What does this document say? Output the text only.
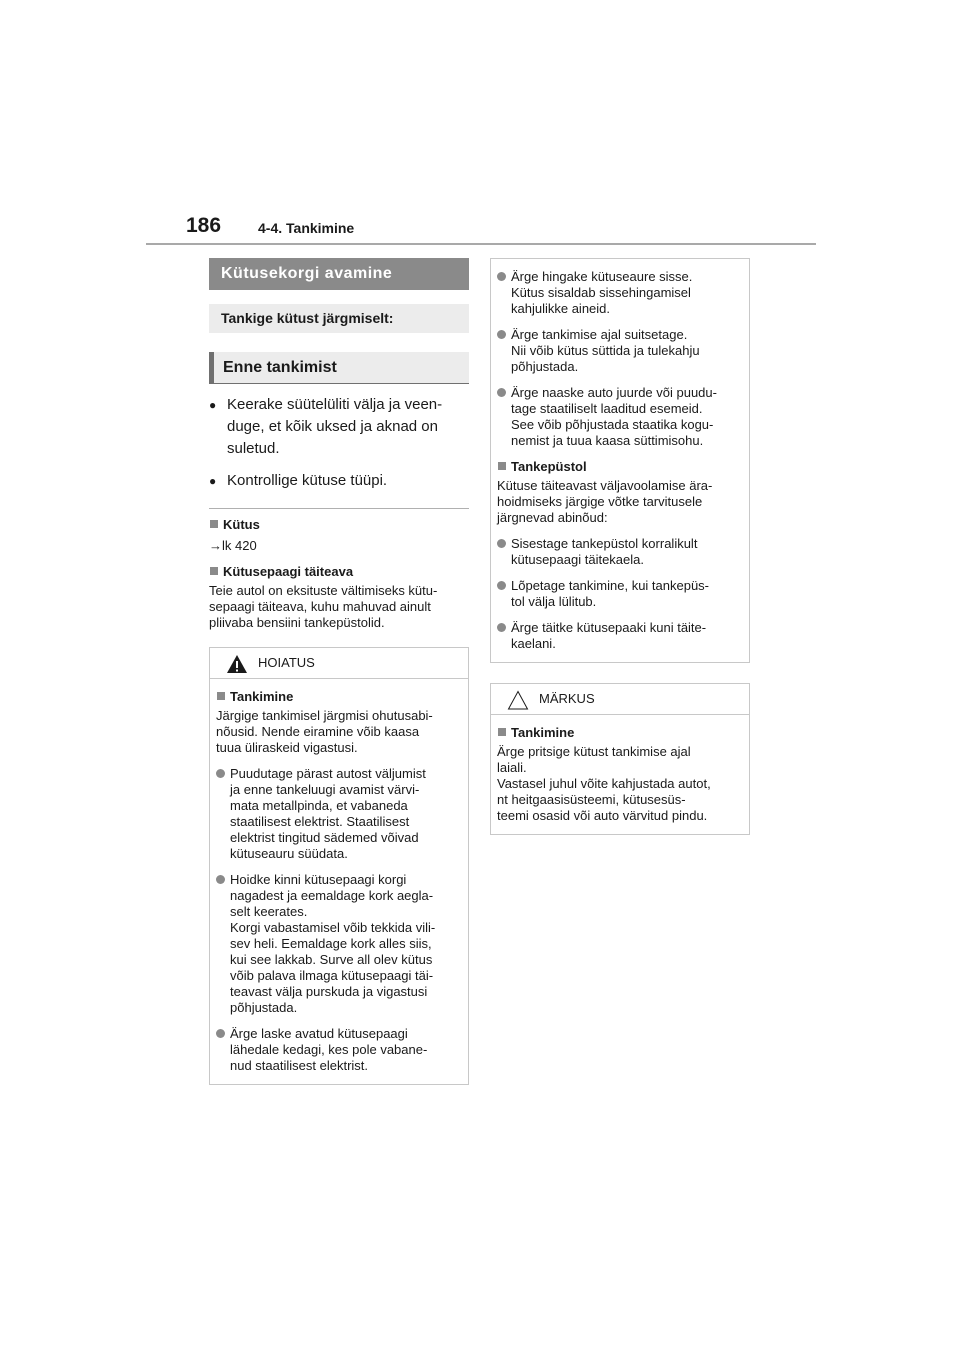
186	4-4. Tankimine
Kütusekorgi avamine
Tankige kütust järgmiselt:
Enne tankimist
● Keerake süütelüliti välja ja veen-
duge, et kõik uksed ja aknad on
suletud.
● Kontrollige kütuse tüüpi.
Kütus
→lk 420
Kütusepaagi täiteava
Teie autol on eksituste vältimiseks kütu-
sepaagi täiteava, kuhu mahuvad ainult
pliivaba bensiini tankepüstolid.
HOIATUS
Tankimine
Järgige tankimisel järgmisi ohutusabi-
nõusid. Nende eiramine võib kaasa
tuua üliraskeid vigastusi.
Puudutage pärast autost väljumist
ja enne tankeluugi avamist värvi-
mata metallpinda, et vabaneda
staatilisest elektrist. Staatilisest
elektrist tingitud sädemed võivad
kütuseauru süüdata.
Hoidke kinni kütusepaagi korgi
nagadest ja eemaldage kork aegla-
selt keerates.
Korgi vabastamisel võib tekkida vili-
sev heli. Eemaldage kork alles siis,
kui see lakkab. Surve all olev kütus
võib palava ilmaga kütusepaagi täi-
teavast välja purskuda ja vigastusi
põhjustada.
Ärge laske avatud kütusepaagi
lähedale kedagi, kes pole vabane-
nud staatilisest elektrist.
Ärge hingake kütuseaure sisse.
Kütus sisaldab sissehingamisel
kahjulikke aineid.
Ärge tankimise ajal suitsetage.
Nii võib kütus süttida ja tulekahju
põhjustada.
Ärge naaske auto juurde või puudu-
tage staatiliselt laaditud esemeid.
See võib põhjustada staatika kogu-
nemist ja tuua kaasa süttimisohu.
Tankepüstol
Kütuse täiteavast väljavoolamise ära-
hoidmiseks järgige võtke tarvitusele
järgnevad abinõud:
Sisestage tankepüstol korralikult
kütusepaagi täitekaela.
Lõpetage tankimine, kui tankepüs-
tol välja lülitub.
Ärge täitke kütusepaaki kuni täite-
kaelani.
MÄRKUS
Tankimine
Ärge pritsige kütust tankimise ajal
laiali.
Vastasel juhul võite kahjustada autot,
nt heitgaasisüsteemi, kütusesüs-
teemi osasid või auto värvitud pindu.
